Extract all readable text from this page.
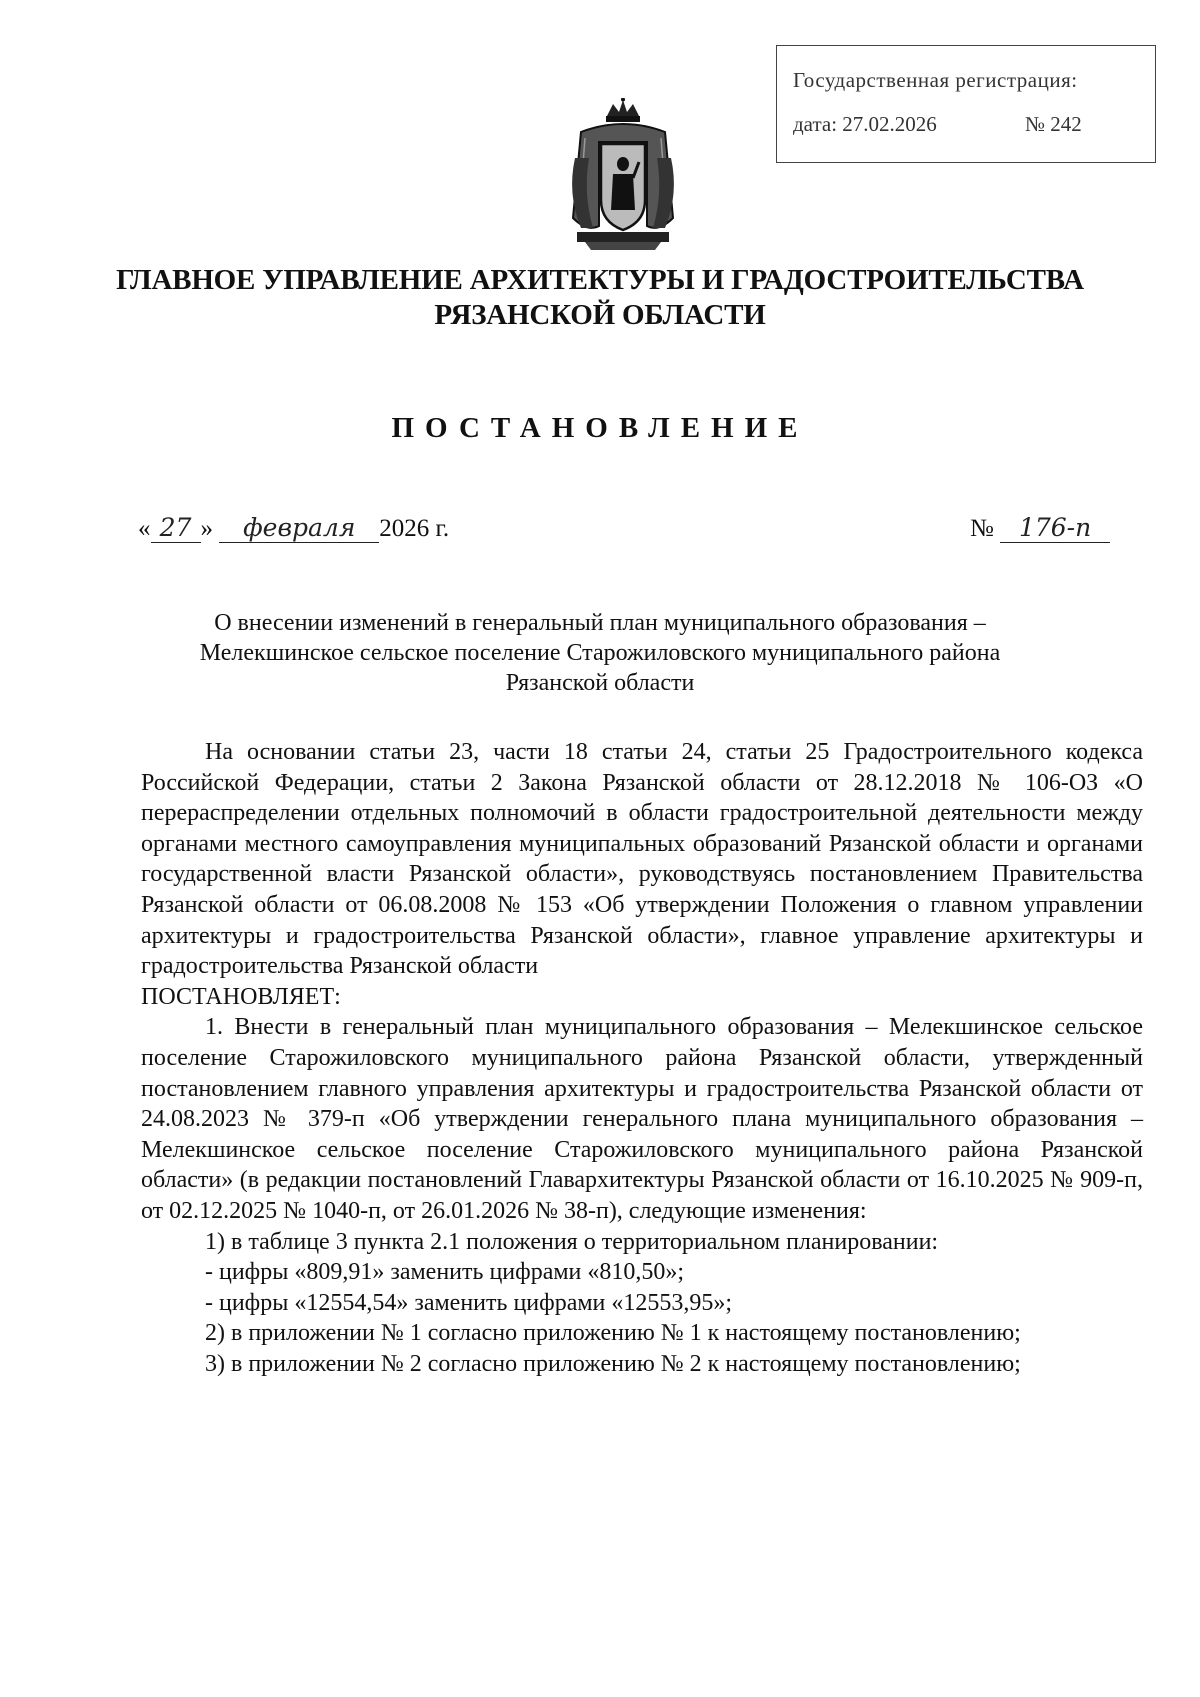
Государственная регистрация:
дата: 27.02.2026	№ 242
ГЛАВНОЕ УПРАВЛЕНИЕ АРХИТЕКТУРЫ И ГРАДОСТРОИТЕЛЬСТВА
РЯЗАНСКОЙ ОБЛАСТИ
ПОСТАНОВЛЕНИЕ
« 27 » февраля 2026 г.	№ 176-п
О внесении изменений в генеральный план муниципального образования –
Мелекшинское сельское поселение Старожиловского муниципального района
Рязанской области

На основании статьи 23, части 18 статьи 24, статьи 25 Градостроительного кодекса Российской Федерации, статьи 2 Закона Рязанской области от 28.12.2018 № 106-ОЗ «О перераспределении отдельных полномочий в области градостроительной деятельности между органами местного самоуправления муниципальных образований Рязанской области и органами государственной власти Рязанской области», руководствуясь постановлением Правительства Рязанской области от 06.08.2008 № 153 «Об утверждении Положения о главном управлении архитектуры и градостроительства Рязанской области», главное управление архитектуры и градостроительства Рязанской области

ПОСТАНОВЛЯЕТ:

1. Внести в генеральный план муниципального образования – Мелекшинское сельское поселение Старожиловского муниципального района Рязанской области, утвержденный постановлением главного управления архитектуры и градостроительства Рязанской области от 24.08.2023 № 379-п «Об утверждении генерального плана муниципального образования – Мелекшинское сельское поселение Старожиловского муниципального района Рязанской области» (в редакции постановлений Главархитектуры Рязанской области от 16.10.2025 № 909-п, от 02.12.2025 № 1040-п, от 26.01.2026 № 38-п), следующие изменения:

1) в таблице 3 пункта 2.1 положения о территориальном планировании:

- цифры «809,91» заменить цифрами «810,50»;

- цифры «12554,54» заменить цифрами «12553,95»;

2) в приложении № 1 согласно приложению № 1 к настоящему постановлению;

3) в приложении № 2 согласно приложению № 2 к настоящему постановлению;
